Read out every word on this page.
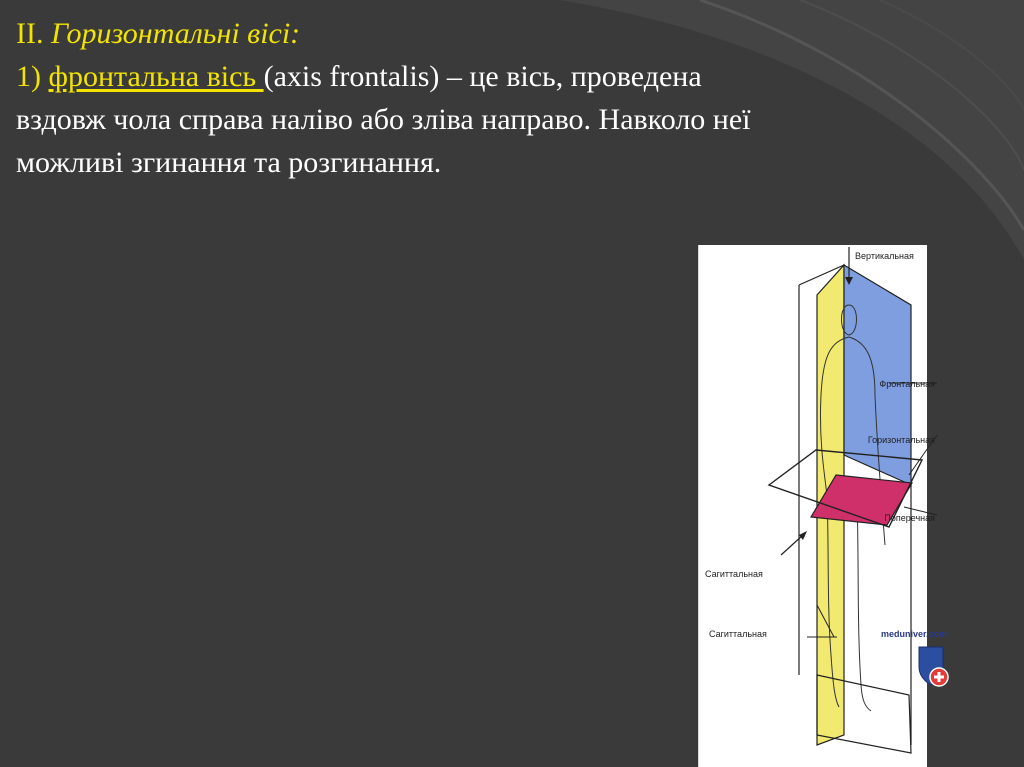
II. Горизонтальні вісі:
1) фронтальна вісь (axis frontalis) – це вісь, проведена
вздовж чола справа наліво або зліва направо. Навколо неї
можливі згинання та розгинання.
Вертикальная
Фронтальная
Горизонтальная
Поперечная
Сагиттальная
Сагиттальная	meduniver.com
